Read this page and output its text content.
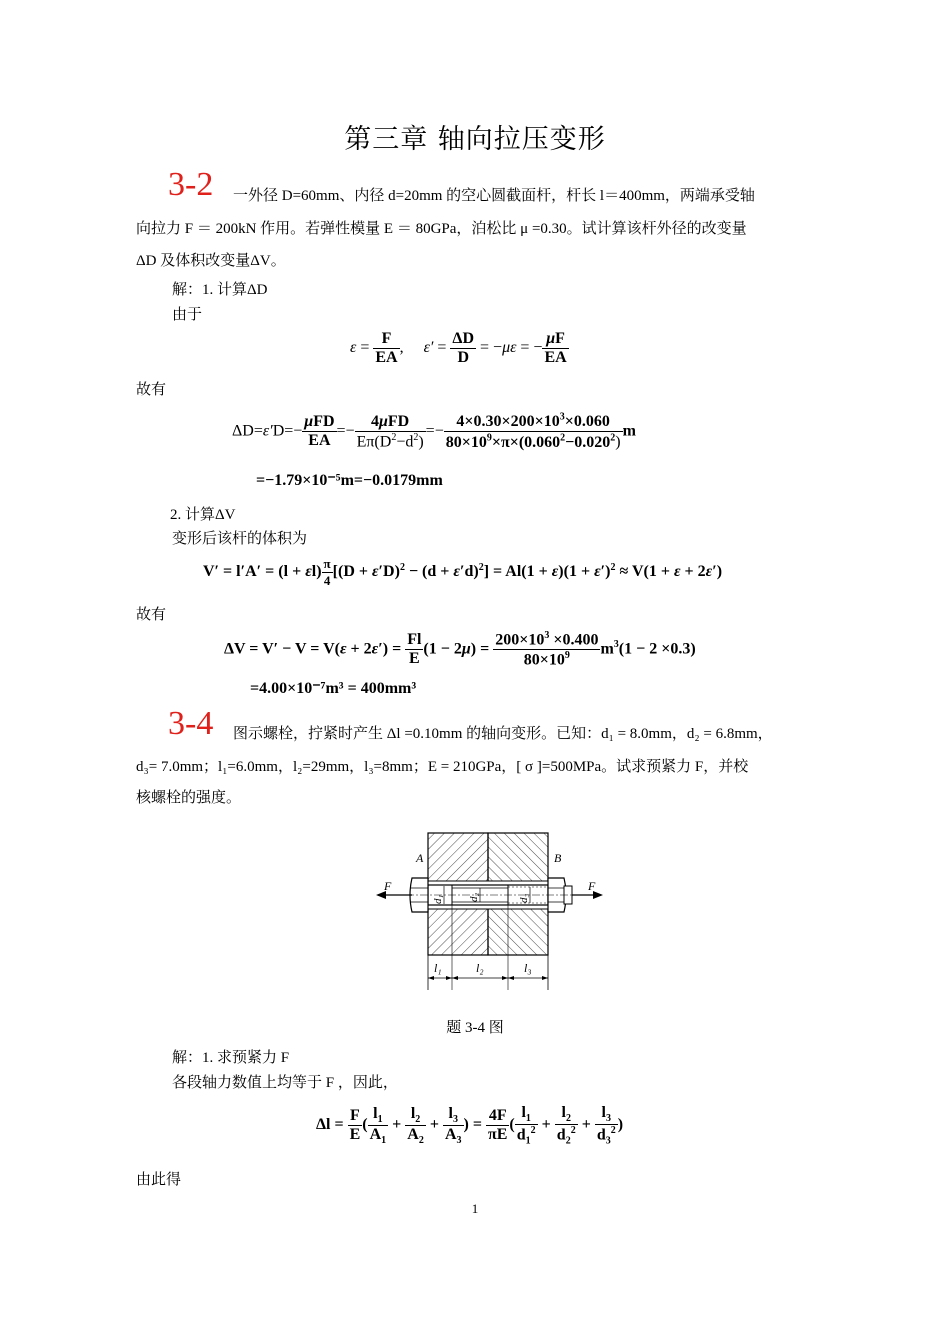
第三章 轴向拉压变形
3-2 一外径 D=60mm、内径 d=20mm 的空心圆截面杆，杆长 l＝400mm，两端承受轴
向拉力 F ＝ 200kN 作用。若弹性模量 E ＝ 80GPa，泊松比 μ =0.30。试计算该杆外径的改变量
ΔD 及体积改变量ΔV。
解：1. 计算ΔD
由于
$\varepsilon = \frac{F}{EA}$ ,     $\varepsilon' = \frac{\Delta D}{D} = -\mu\varepsilon$ = − $\frac{\mu F}{EA}$
故有
$\Delta D=\varepsilon'D=- \frac{\text{μFD}}{EA} =- \frac{\text{4μFD}}{E\pi(D^2-d^2)} =- \frac{4\times 0.30\times 200\times 10^3\times 0.060}{80\times 10^9\times\pi\times(0.060^2-0.020^2)}$ m
=−1.79×10⁻⁵m=−0.0179mm
2. 计算ΔV
变形后该杆的体积为
$V' = l'A' = (l + \varepsilon l) \frac{\pi}{4} [(D + \varepsilon'D)^2 - (d + \varepsilon'd)^2] = Al(1 + \varepsilon)(1 + \varepsilon')^2 \approx V(1 + \varepsilon + 2\varepsilon')$
故有
$\Delta V = V' - V = V(\varepsilon + 2\varepsilon') = \frac{Fl}{E} (1 - 2\mu) = \frac{200\times 10^3 \times 0.400}{80\times 10^9} m^3(1 - 2 \times 0.3)$
=4.00×10⁻⁷m³ = 400mm³
3-4 图示螺栓，拧紧时产生 Δl =0.10mm 的轴向变形。已知：d₁ = 8.0mm，d₂ = 6.8mm，
d₃= 7.0mm；l₁=6.0mm，l₂=29mm，l₃=8mm；E = 210GPa，[ σ ]=500MPa。试求预紧力 F，并校
核螺栓的强度。
A	B
F	F
d₁ d₂	d₃
l₁	l₂	l₃
题 3-4 图
解：1. 求预紧力 F
各段轴力数值上均等于 F ，因此，
$\Delta l = \frac{F}{E}$ ( $\frac{l_1}{A_1} + \frac{l_2}{A_2} + \frac{l_3}{A_3}$ ) = $\frac{4F}{\pi E}$ ( $\frac{l_1}{d_1^2} + \frac{l_2}{d_2^2} + \frac{l_3}{d_3^2}$ )
由此得
1
